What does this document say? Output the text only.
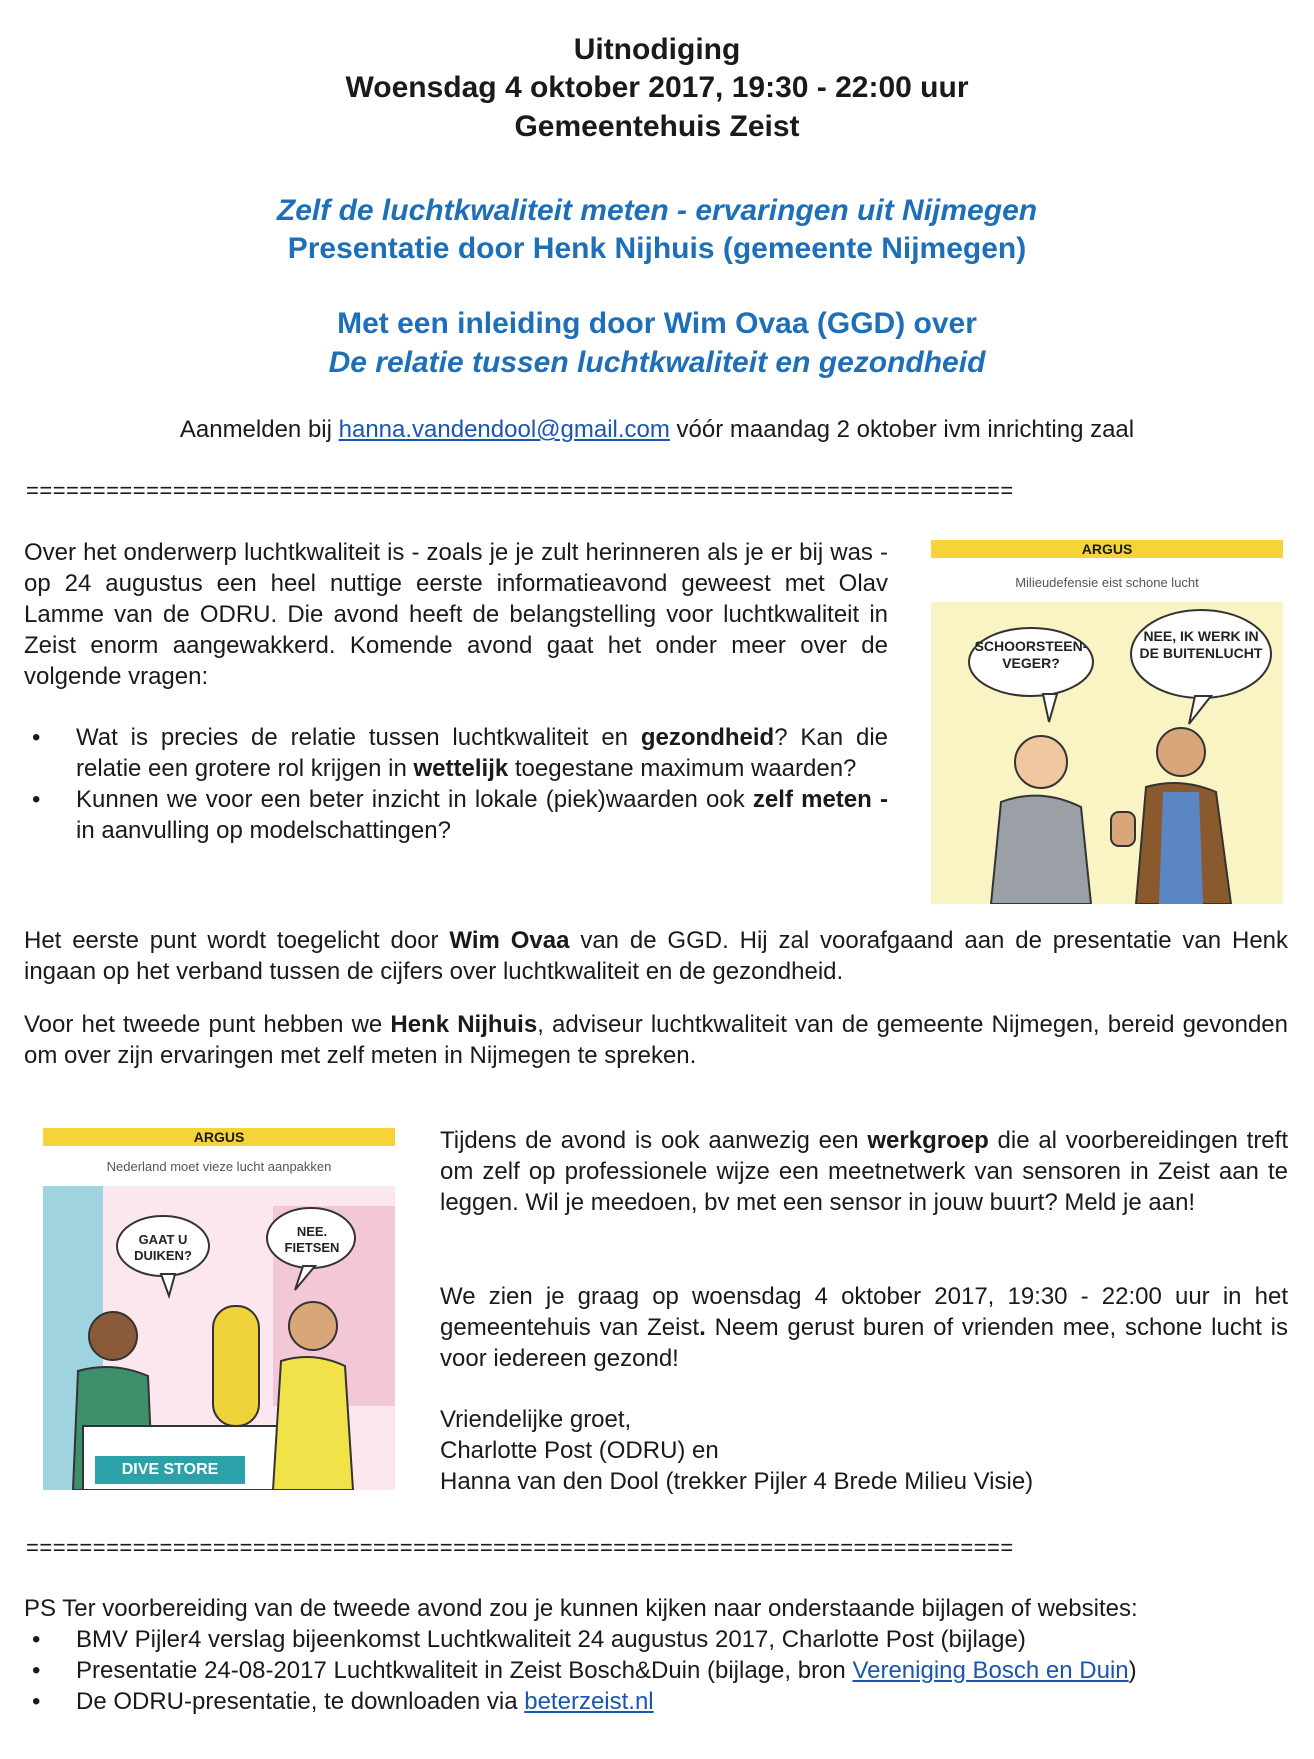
Uitnodiging
Woensdag 4 oktober 2017, 19:30 - 22:00 uur
Gemeentehuis Zeist
Zelf de luchtkwaliteit meten - ervaringen uit Nijmegen
Presentatie door Henk Nijhuis (gemeente Nijmegen)
Met een inleiding door Wim Ovaa (GGD) over
De relatie tussen luchtkwaliteit en gezondheid
Aanmelden bij hanna.vandendool@gmail.com vóór maandag 2 oktober ivm inrichting zaal
==========================================================================

Over het onderwerp luchtkwaliteit is - zoals je je zult herinneren als je er bij was - op 24 augustus een heel nuttige eerste informatieavond geweest met Olav Lamme van de ODRU. Die avond heeft de belangstelling voor luchtkwaliteit in Zeist enorm aangewakkerd. Komende avond gaat het onder meer over de volgende vragen:

• Wat is precies de relatie tussen luchtkwaliteit en gezondheid? Kan die relatie een grotere rol krijgen in wettelijk toegestane maximum waarden?
• Kunnen we voor een beter inzicht in lokale (piek)waarden ook zelf meten - in aanvulling op modelschattingen?
ARGUS
Milieudefensie eist schone lucht
SCHOORSTEEN-VEGER?
NEE, IK WERK IN DE BUITENLUCHT
Het eerste punt wordt toegelicht door Wim Ovaa van de GGD. Hij zal voorafgaand aan de presentatie van Henk ingaan op het verband tussen de cijfers over luchtkwaliteit en de gezondheid.
Voor het tweede punt hebben we Henk Nijhuis, adviseur luchtkwaliteit van de gemeente Nijmegen, bereid gevonden om over zijn ervaringen met zelf meten in Nijmegen te spreken.
ARGUS
Nederland moet vieze lucht aanpakken
GAAT U DUIKEN?
NEE. FIETSEN
DIVE STORE
Tijdens de avond is ook aanwezig een werkgroep die al voorbereidingen treft om zelf op professionele wijze een meetnetwerk van sensoren in Zeist aan te leggen. Wil je meedoen, bv met een sensor in jouw buurt? Meld je aan!
We zien je graag op woensdag 4 oktober 2017, 19:30 - 22:00 uur in het gemeentehuis van Zeist. Neem gerust buren of vrienden mee, schone lucht is voor iedereen gezond!

Vriendelijke groet,

Charlotte Post (ODRU) en

Hanna van den Dool (trekker Pijler 4 Brede Milieu Visie)

==========================================================================

PS Ter voorbereiding van de tweede avond zou je kunnen kijken naar onderstaande bijlagen of websites:

• BMV Pijler4 verslag bijeenkomst Luchtkwaliteit 24 augustus 2017, Charlotte Post (bijlage)
• Presentatie 24-08-2017 Luchtkwaliteit in Zeist Bosch&Duin (bijlage, bron Vereniging Bosch en Duin)
• De ODRU-presentatie, te downloaden via beterzeist.nl
